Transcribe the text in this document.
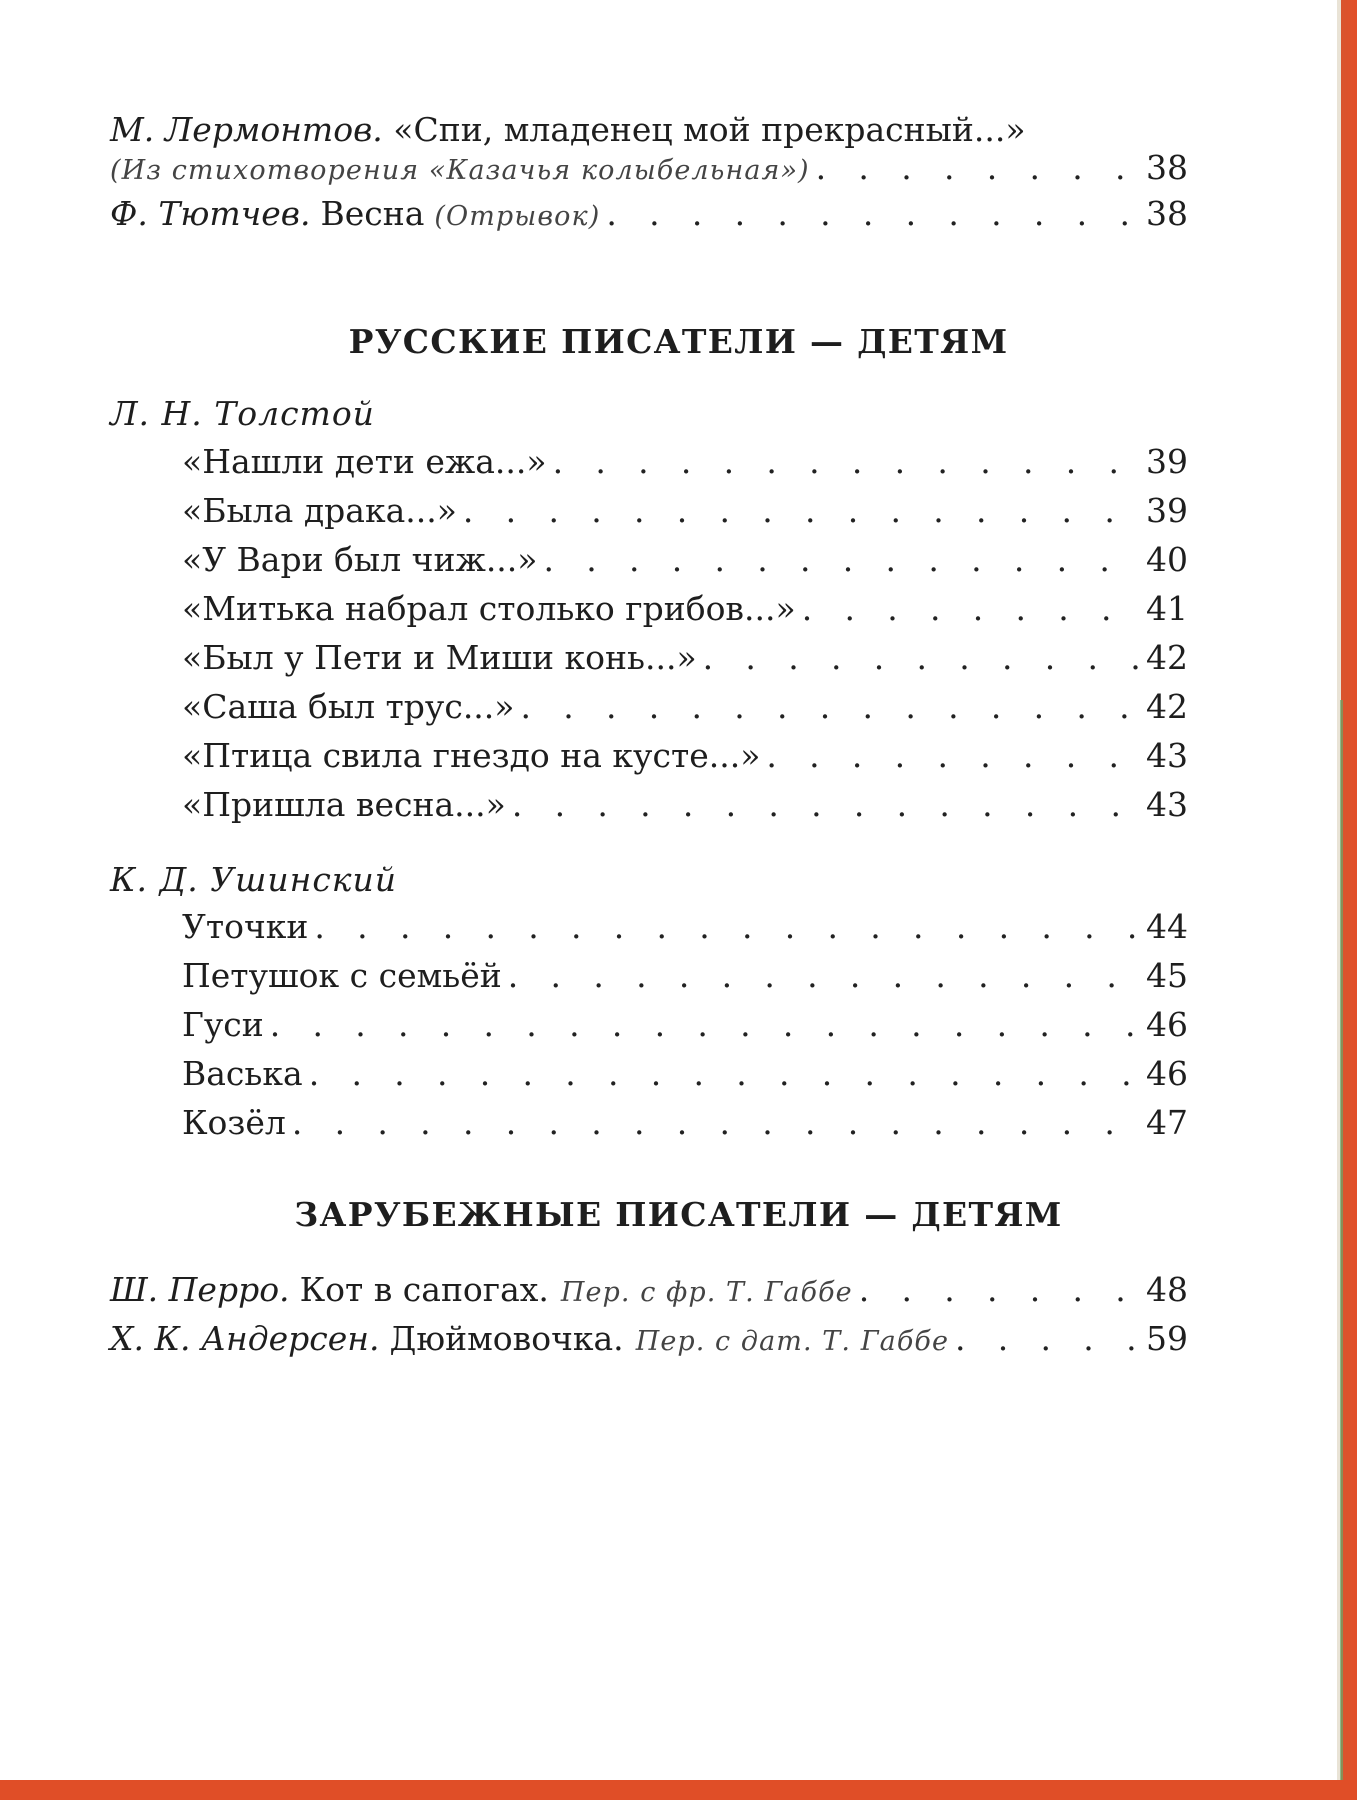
М. Лермонтов. «Спи, младенец мой прекрасный...»
(Из стихотворения «Казачья колыбельная») . . .	38
Ф. Тютчев. Весна (Отрывок) . . .	38
РУССКИЕ ПИСАТЕЛИ — ДЕТЯМ
Л. Н. Толстой
«Нашли дети ежа...» . . .	39
«Была драка...» . . .	39
«У Вари был чиж...» . . .	40
«Митька набрал столько грибов...» . . .	41
«Был у Пети и Миши конь...» . . .	42
«Саша был трус...» . . .	42
«Птица свила гнездо на кусте...» . . .	43
«Пришла весна...» . . .	43
К. Д. Ушинский
Уточки . . .	44
Петушок с семьёй . . .	45
Гуси . . .	46
Васька . . .	46
Козёл . . .	47
ЗАРУБЕЖНЫЕ ПИСАТЕЛИ — ДЕТЯМ
Ш. Перро. Кот в сапогах. Пер. с фр. Т. Габбе . . .	48
Х. К. Андерсен. Дюймовочка. Пер. с дат. Т. Габбе . . .	59
